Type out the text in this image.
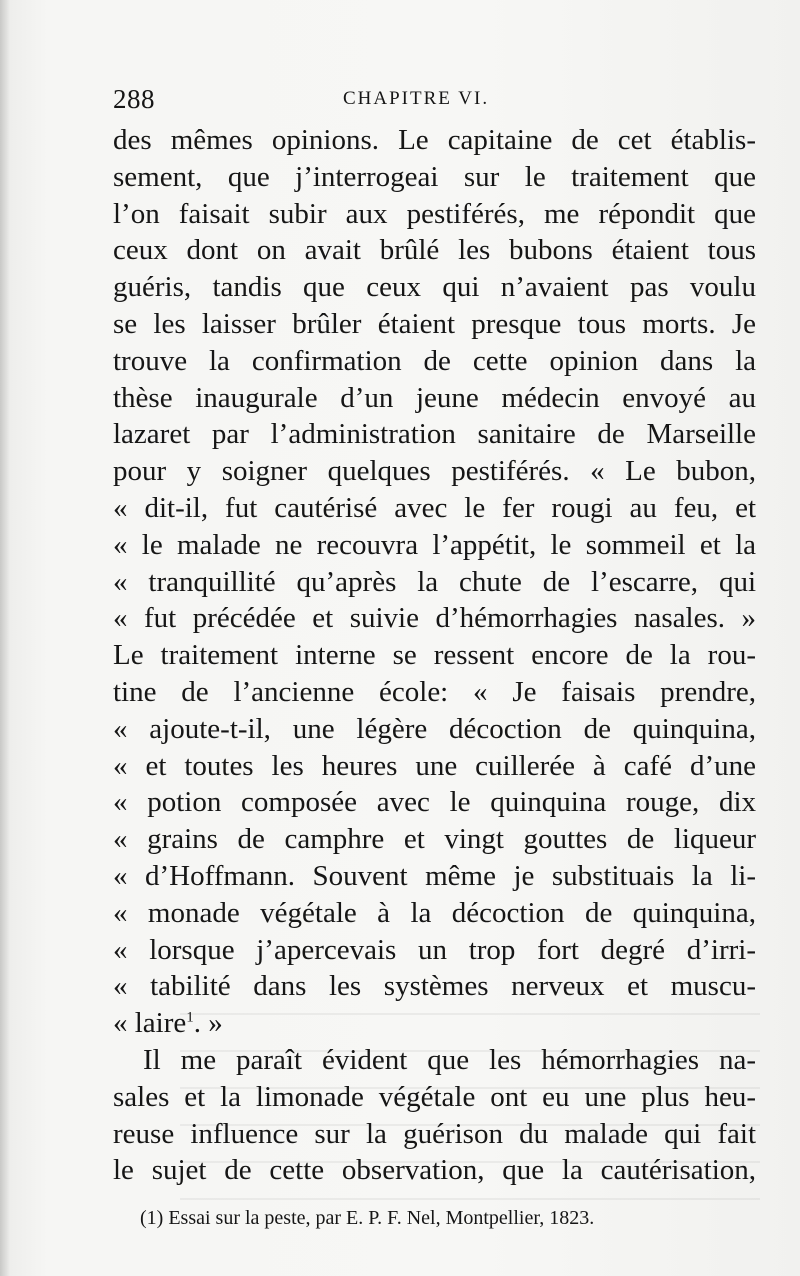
288	CHAPITRE VI.
des mêmes opinions. Le capitaine de cet établis-
sement, que j’interrogeai sur le traitement que
l’on faisait subir aux pestiférés, me répondit que
ceux dont on avait brûlé les bubons étaient tous
guéris, tandis que ceux qui n’avaient pas voulu
se les laisser brûler étaient presque tous morts. Je
trouve la confirmation de cette opinion dans la
thèse inaugurale d’un jeune médecin envoyé au
lazaret par l’administration sanitaire de Marseille
pour y soigner quelques pestiférés. « Le bubon,
« dit-il, fut cautérisé avec le fer rougi au feu, et
« le malade ne recouvra l’appétit, le sommeil et la
« tranquillité qu’après la chute de l’escarre, qui
« fut précédée et suivie d’hémorrhagies nasales. »
Le traitement interne se ressent encore de la rou-
tine de l’ancienne école: « Je faisais prendre,
« ajoute-t-il, une légère décoction de quinquina,
« et toutes les heures une cuillerée à café d’une
« potion composée avec le quinquina rouge, dix
« grains de camphre et vingt gouttes de liqueur
« d’Hoffmann. Souvent même je substituais la li-
« monade végétale à la décoction de quinquina,
« lorsque j’apercevais un trop fort degré d’irri-
« tabilité dans les systèmes nerveux et muscu-
« laire$^1$. »
Il me paraît évident que les hémorrhagies na-
sales et la limonade végétale ont eu une plus heu-
reuse influence sur la guérison du malade qui fait
le sujet de cette observation, que la cautérisation,
(1) Essai sur la peste, par E. P. F. Nel, Montpellier, 1823.
